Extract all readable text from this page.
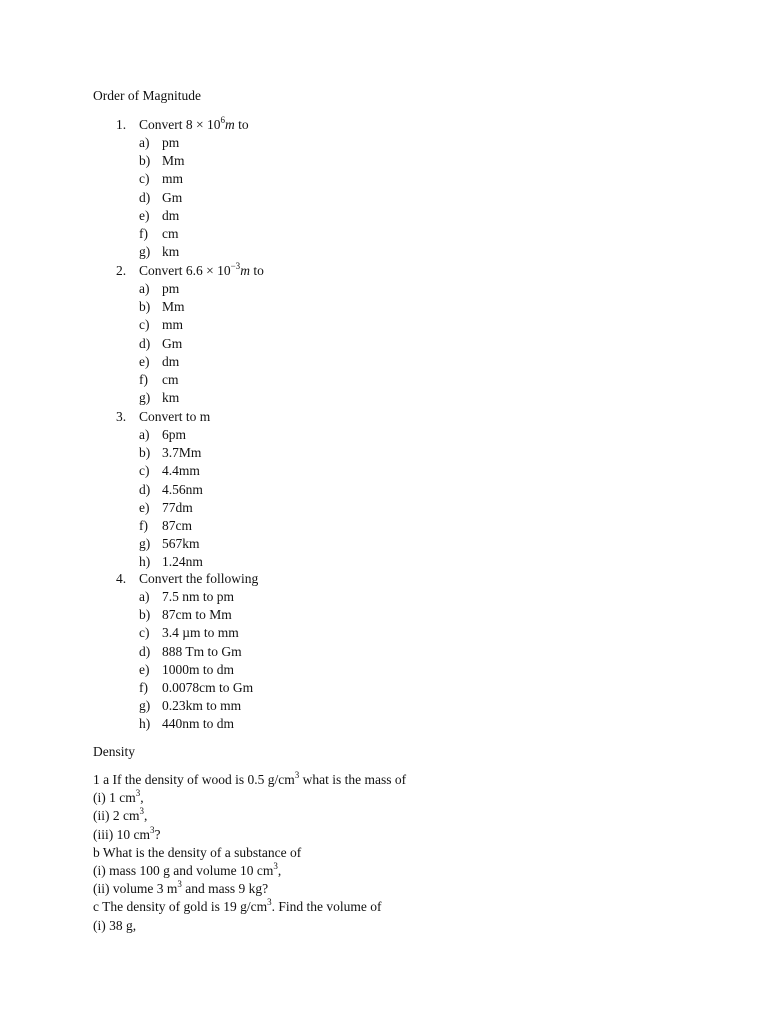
Order of Magnitude
1. Convert $8 \times 10^6m$ to
a) pm
b) Mm
c) mm
d) Gm
e) dm
f) cm
g) km
2. Convert $6.6 \times 10^{-3}m$ to
a) pm
b) Mm
c) mm
d) Gm
e) dm
f) cm
g) km
3. Convert to m
a) 6pm
b) 3.7Mm
c) 4.4mm
d) 4.56nm
e) 77dm
f) 87cm
g) 567km
h) 1.24nm
4. Convert the following
a) 7.5 nm to pm
b) 87cm to Mm
c) 3.4 µm to mm
d) 888 Tm to Gm
e) 1000m to dm
f) 0.0078cm to Gm
g) 0.23km to mm
h) 440nm to dm
Density
1 a If the density of wood is 0.5 $g/cm^3$ what is the mass of
(i) 1 $cm^3$,
(ii) 2 $cm^3$,
(iii) 10 $cm^3$?
b What is the density of a substance of
(i) mass 100 g and volume 10 $cm^3$,
(ii) volume 3 $m^3$ and mass 9 kg?
c The density of gold is 19 $g/cm^3$. Find the volume of
(i) 38 g,
